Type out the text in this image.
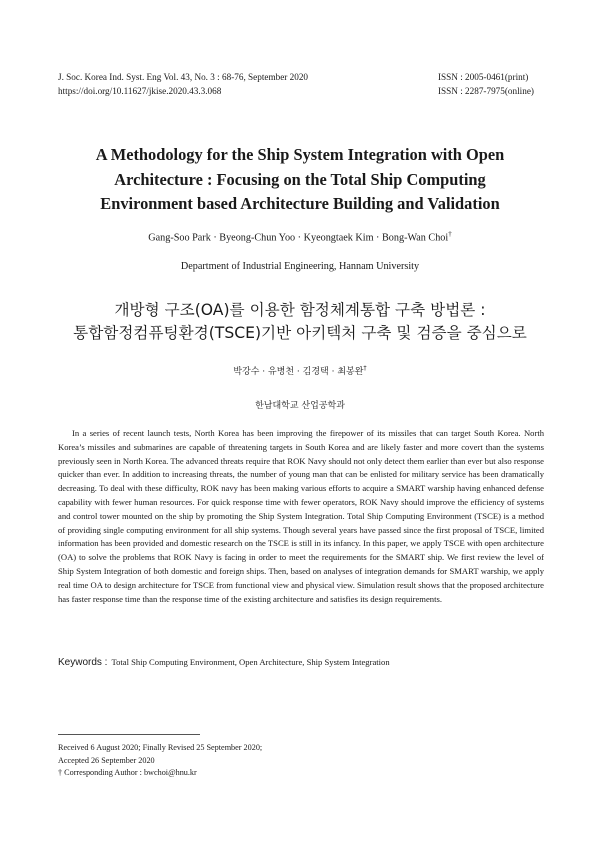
J. Soc. Korea Ind. Syst. Eng Vol. 43, No. 3 : 68-76, September 2020
https://doi.org/10.11627/jkise.2020.43.3.068
ISSN : 2005-0461(print)
ISSN : 2287-7975(online)
A Methodology for the Ship System Integration with Open
Architecture : Focusing on the Total Ship Computing
Environment based Architecture Building and Validation
Gang-Soo Park · Byeong-Chun Yoo · Kyeongtaek Kim · Bong-Wan Choi†
Department of Industrial Engineering, Hannam University
개방형 구조(OA)를 이용한 함정체계통합 구축 방법론 :
통합함정컴퓨팅환경(TSCE)기반 아키텍처 구축 및 검증을 중심으로
박강수 · 유병천 · 김경택 · 최봉완†
한남대학교 산업공학과

In a series of recent launch tests, North Korea has been improving the firepower of its missiles that can target South Korea. North Korea’s missiles and submarines are capable of threatening targets in South Korea and are likely faster and more covert than the systems previously seen in North Korea. The advanced threats require that ROK Navy should not only detect them earlier than ever but also response quicker than ever. In addition to increasing threats, the number of young man that can be enlisted for military service has been dramatically decreasing. To deal with these difficulty, ROK navy has been making various efforts to acquire a SMART warship having enhanced defense capability with fewer human resources. For quick response time with fewer operators, ROK Navy should improve the efficiency of systems and control tower mounted on the ship by promoting the Ship System Integration. Total Ship Computing Environment (TSCE) is a method of providing single computing environment for all ship systems. Though several years have passed since the first proposal of TSCE, limited information has been provided and domestic research on the TSCE is still in its infancy. In this paper, we apply TSCE with open architecture (OA) to solve the problems that ROK Navy is facing in order to meet the requirements for the SMART ship. We first review the level of Ship System Integration of both domestic and foreign ships. Then, based on analyses of integration demands for SMART warship, we apply real time OA to design architecture for TSCE from functional view and physical view. Simulation result shows that the proposed architecture has faster response time than the response time of the existing architecture and satisfies its design requirements.

Keywords : Total Ship Computing Environment, Open Architecture, Ship System Integration
Received 6 August 2020; Finally Revised 25 September 2020;
Accepted 26 September 2020
† Corresponding Author : bwchoi@hnu.kr
